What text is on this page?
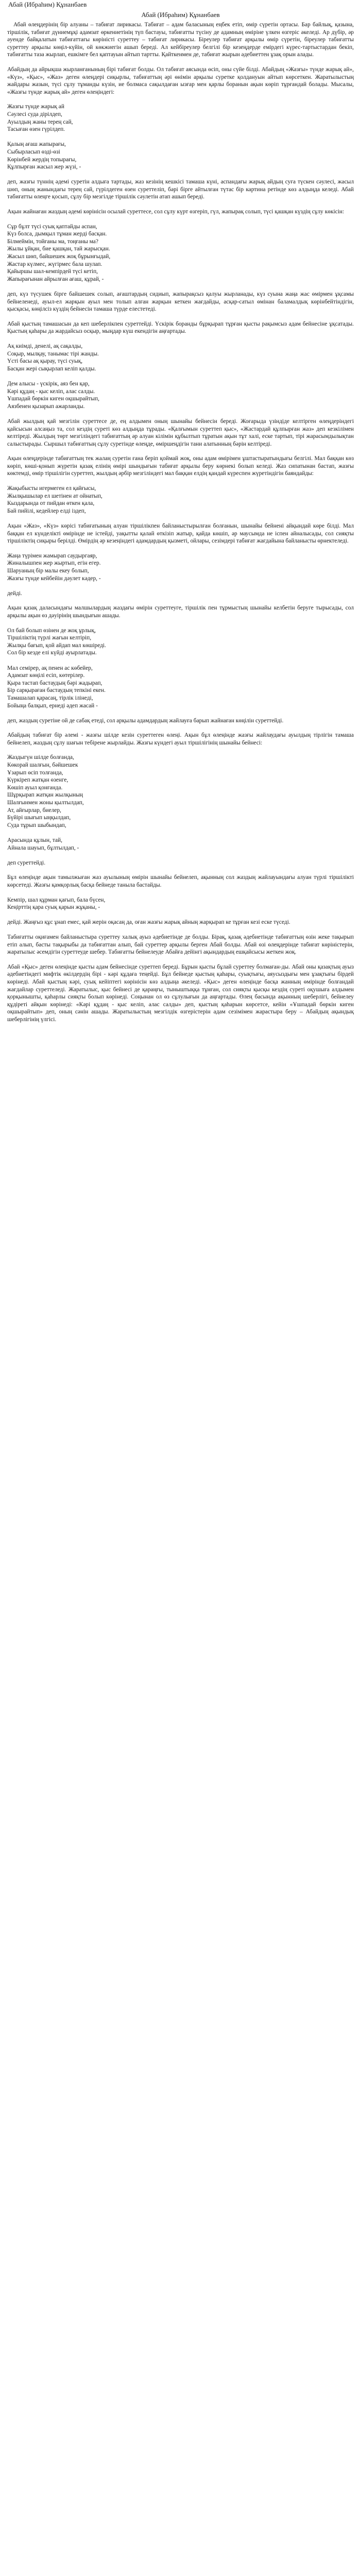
Абай (Ибраһим) Құнанбаев
Абай (Ибраһим) Құнанбаев

Абай өлеңдерінің бір алуаны – табиғат лирикасы. Табиғат – адам баласының еңбек етіп, өмір сүретін ортасы. Бар байлық, қазына, тіршілік, табиғат дүниемұқі адамзат өркениетінің түп бастауы, табиғатты түсіну де адамның өміріне үлкен өзгеріс әкеледі. Ар дүбір, әр әуенде байқалатын табиғаттағы көріністі суреттеу – табиғат лирикасы. Біреулер табиғат арқылы өмір сүретін, біреулер табиғатты суреттеу арқылы көңіл-күйін, ой көкжиегін ашып береді. Ал кейбіреулер белгілі бір кезеңдерде емірдегі күрес-тартыстардан бекіп, табиғатты таза жырлап, ешкімге бел қаптауын айтып тартты. Қайткенмен де, табиғат жырын әдебиеттен ұзақ орын алады.

Абайдың да айрықша жырланғанының бірі табиғат болды. Ол табиғат аясында өсіп, оны сүйе білді. Абайдың «Жазғы» түнде жарық ай», «Күз», «Қыс», «Жаз» деген өлеңдері сиқырлы, табиғаттың әрі өнімін арқылы суретке қолдануын айтып көрсеткен. Жаратылыстың жайдары жазын, түсі сұлу тұманды күзін, ие болмаса сақылдаған ызғар мен қарлы боранын ақын көріп тұрғандай болады. Мысалы, «Жазғы түнде жарық ай» деген өлеңіндегі:

Жазғы түнде жарық ай
Сәулесі суда дірілдеп,
Ауылдың жаны терең сай,
Тасыған өзен гүрілдеп.
Қалың ағаш жапырағы,
Сыбырласып өзді-өзі
Көрінбей жердің топырағы,
Құлпырған жасыл жер жүзі, -

деп, жазғы түннің әдемі суретін алдыға тартады, жаз кезінің кешкісі тамаша күні, аспандағы жарық айдың суға түскен сәулесі, жасыл шөп, оның жанындағы терең сай, гүрілдеген өзен суреттеліп, бәрі бірге айтылған түтас бір картина ретінде көз алдыңда келеді. Абай табиғатты өлеңге қосып, сұлу бір мезгілде тіршілік сәулетін атап ашып береді.

Ақын жайнаған жаздың әдемі көрінісін осылай суреттесе, сол сұлу күрт өзгеріп, гүл, жапырақ солып, түсі қашқан күздің сұлу көкісін:

Сұр бұлт түсі суық қаптайды аспан,
Күз болса, дымқыл тұман жерді басқан.
Білмеймін, тойғаны ма, тоңғаны ма?
Жылы ұйқан, бие қашқан, тай жарысқан.
Жасыл шөп, байшешек жоқ бұрынғыдай,
Жастар күлмес, жүгірмес бала шулап.
Қайыршы шал-кемпірдей түсі кетіп,
Жапырағынан айрылған ағаш, құрай, -

деп, күз түсушек бірге байшешек солып, ағаштардың сидиып, жапырақсыз қалуы жырланады, күз суына жаңа жас өмірмен ұқсамы бейнеленеді, ауыл-ел жарқын ауыл мен толып алған жарқын кеткен жағдайды, асқар-сатыл өмінан баламалдық көрінбейтіндігін, қысқасы, көңілсіз күздің бейнесін тамаша түрде елестетеді.

Абай қыстың тамашасын да кеп шеберлікпен суреттейді. Үскірік боранды бұрқырап тұрған қысты рақымсыз адам бейнесіне ұқсатады. Қыстың қаһары да жардайсыз осқыр, мыңдар күш екендігін аңғартады.

Ақ киімді, денелі, ақ сақалды,
Соқыр, мылқау, танымас тірі жанды.
Үсті басы ақ қырау, түсі суық,
Басқан жері сықырлап келіп қалды.
Дем алысы - үскірік, аяз бен қар,
Кәрі құдаң - қыс келіп, алас салды.
Ұшпадай бөркін киген оқшырайтып,
Аязбенен қызарып ажарланды.

Абай жылдың қай мезгілін суреттесе де, ең алдымен оның шынайы бейнесін береді. Жоғарыда үзіндіде келтірген өлеңдеріндегі қайсысын алсаңыз та, сол кездің суреті көз алдыңда тұрады. «Қалғымын суреттеп қыс», «Жастардай құлпырған жаз» деп кезкілімен келтіреді. Жылдың төрт мезгіліндегі табиғаттың әр алуан кілімін құбылтып тұратын ақын тұт халі, еске тартып, тірі жарасымдылықтан салыстырады. Сыршыл табиғаттың сұлу суретінде өлеңде, өміршеңдігін тани алатынның бәрін келтіреді.

Ақын өлеңдерінде табиғаттың тек жалаң суретін ғана беріп қоймай жоқ, оны адам өмірімен ұштастыратындығы белгілі. Мал баққан көз көріп, көші-қонып жүретін қазақ елінің өмірі шындығын табиғат арқылы беру көрнекі болып келеді. Жаз сипатынан бастап, жазғы көктемді, өмір тіршілігін суреттеп, жылдың әрбір мезгіліндегі мал баққан елдің қандай күреспен жүретіндігін баяндайды:

Жақыбысты игермеген ел қайғысы,
Жылқышылар ел шетінен ат ойнатып,
Кыздарында от пийдан өткен қала,
Бай пийілі, кедейлер елді іздеп,

Ақын «Жаз», «Күз» көрісі табиғатының алуан тіршілікпен байланыстырылған болғанын, шынайы бейнені айқындай көре білді. Мал баққан ел күнделікті өмірінде не істейді, уақытты қалай өткізіп жатыр, қайда көшіп, әр маусымда не іспен айналысады, сол сияқты тіршіліктің сиқыры берілді. Өмірдің әр кезеңіндегі адамдардың қызметі, ойлары, сезімдері табиғат жағдайына байланысты өрнектеледі.

Жаңа түрімен жамырап саудыргаяр,
Жиналышпен жер жыртып, егін егер.
Шаруаның бір малы екеу болып,
Жазғы түнде кейбейін дәулет кәдер, -

дейді.

Ақын қазақ даласындағы малшылардың жаздағы өмірін суреттеуге, тіршілік пен тұрмыстың шынайы келбетін беруге тырысады, сол арқылы ақын өз дәуірінің шындығын ашады.

Ол бай болып өзінен де жоқ ұрлық,
Тіршіліктің түрлі жағын келтіріп,
Жылқы бағып, қой айдап мал көшіреді.
Сол бір кезде елі күйді ауырлатады.
Мал семірер, ақ пенен ас көбейер,
Адамзат көңілі есіп, көтерілер.
Қыра тастап бастаудың бәрі жадырап,
Бір сарқыраған бастаудың тепкіні екен.
Тамашалап қарасаң, тірлік ілінеді,
Бойыңа балқып, ернеді әдеп жасай -

деп, жаздың суретіне ой де сабақ етеді, сол арқылы адамдардың жайлауға барып жайнаған көңілін суреттейді.

Абайдың табиғат бір әлемі - жазғы шілде кезін суреттеген өлеңі. Ақын бұл өлеңінде жазғы жайлаудағы ауылдың тірлігін тамаша бейнелеп, жаздың сұлу шағын тебірене жырлайды. Жазғы күндегі ауыл тіршілігінің шынайы бейнесі:

Жаздыгүн шілде болғанда,
Көкорай шалғын, бәйшешек
Ұзарып өсіп толғанда,
Күркіреп жатқан өзенге,
Көшіп ауыл қонғанда.
Шұрқырап жатқан жылқының
Шалғынмен жоны қылтылдап,
Ат, айғырлар, биелер,
Бүйірі шығып ыңқылдап,
Суда тұрып шыбындап,
Арасында құлын, тай,
Айнала шауып, бұлтылдап, -

деп суреттейді.

Бұл өлеңінде ақын тамылжыған жаз ауылының өмірін шынайы бейнелеп, ақынның сол жаздың жайлауындағы алуан түрлі тіршілікті көрсетеді. Жазғы қамқорлық басқа бейнеде таныла бастайды.

Кемпір, шал құрман қағып, бала бүсен,
Кеңірттің қара суық қарын жұқаны, -

дейді. Жаңғыз құс ұнап емес, қай жерін оқасаң да, оған жазғы жарық айның жарқырап ке тұрған кезі еске түседі.

Табиғатты оқиғамен байланыстыра суреттеу халық ауыз әдебиетінде де болды. Бірақ, қазақ әдебиетінде табиғаттың өзін жеке тақырып етіп алып, басты тақырыбы да табиғаттан алып, бай суреттер арқылы берген Абай болды. Абай өзі өлеңдерінде табиғат көріністерін, жаратылыс әсемдігін суреттеуде шебер. Табиғатты бейнелеуде Абайға дейінгі ақындардың ешқайсысы жеткен жоқ.

Абай «Қыс» деген өлеңінде қысты адам бейнесінде суреттеп береді. Бұрын қысты бұлай суреттеу болмаған-ды. Абай оны қазақтың ауыз әдебиетіндегі мифтік өкілдердің бірі - кәрі құдаға теңейді. Бұл бейнеде қыстың қаһары, суықтығы, аяусыздығы мен ұзақтығы бірдей көрінеді. Абай қыстың кәрі, суық кейіптегі көрінісін көз алдыңа әкеледі. «Қыс» деген өлеңінде басқа жанның өмірінде болғандай жағдайлар суреттеледі. Жаратылыс, қыс бейнесі де қараңғы, тыныштыққа тұнған, сол сияқты қысқы кездің суреті оқушыға алдымен қорқынышты, қаһарлы сияқты болып көрінеді. Соңынан ол өз сұлулығын да аңғартады. Өлең басында ақынның шеберлігі, бейнелеу құдіреті айқын көрінеді: «Кәрі құдаң - қыс келіп, алас салды» деп, қыстың қаһарын көрсетсе, кейін «Ұшпадай бөркін киген оқшырайтып» деп, оның сәнін ашады. Жаратылыстың мезгілдік өзгерістерін адам сезімімен жарастыра беру – Абайдың ақындық шеберлігінің үлгісі.
